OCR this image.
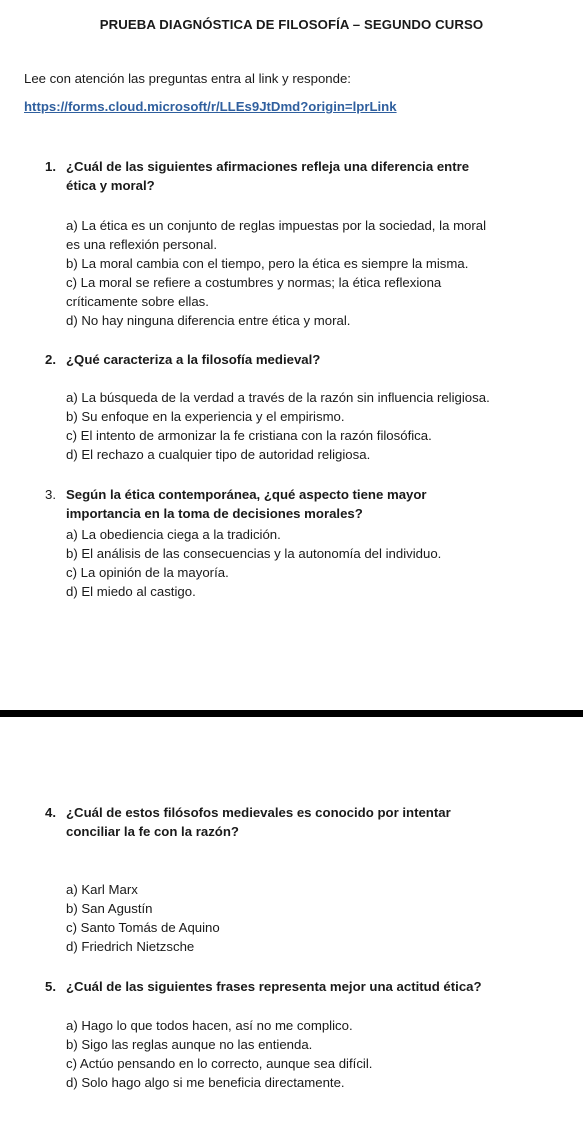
PRUEBA DIAGNÓSTICA DE FILOSOFÍA – SEGUNDO CURSO
Lee con atención las preguntas entra al link y responde:
https://forms.cloud.microsoft/r/LLEs9JtDmd?origin=lprLink
1. ¿Cuál de las siguientes afirmaciones refleja una diferencia entre
ética y moral?
a) La ética es un conjunto de reglas impuestas por la sociedad, la moral
es una reflexión personal.
b) La moral cambia con el tiempo, pero la ética es siempre la misma.
c) La moral se refiere a costumbres y normas; la ética reflexiona
críticamente sobre ellas.
d) No hay ninguna diferencia entre ética y moral.
2. ¿Qué caracteriza a la filosofía medieval?
a) La búsqueda de la verdad a través de la razón sin influencia religiosa.
b) Su enfoque en la experiencia y el empirismo.
c) El intento de armonizar la fe cristiana con la razón filosófica.
d) El rechazo a cualquier tipo de autoridad religiosa.
3. Según la ética contemporánea, ¿qué aspecto tiene mayor
importancia en la toma de decisiones morales?
a) La obediencia ciega a la tradición.
b) El análisis de las consecuencias y la autonomía del individuo.
c) La opinión de la mayoría.
d) El miedo al castigo.
4. ¿Cuál de estos filósofos medievales es conocido por intentar
conciliar la fe con la razón?
a) Karl Marx
b) San Agustín
c) Santo Tomás de Aquino
d) Friedrich Nietzsche
5. ¿Cuál de las siguientes frases representa mejor una actitud ética?
a) Hago lo que todos hacen, así no me complico.
b) Sigo las reglas aunque no las entienda.
c) Actúo pensando en lo correcto, aunque sea difícil.
d) Solo hago algo si me beneficia directamente.
